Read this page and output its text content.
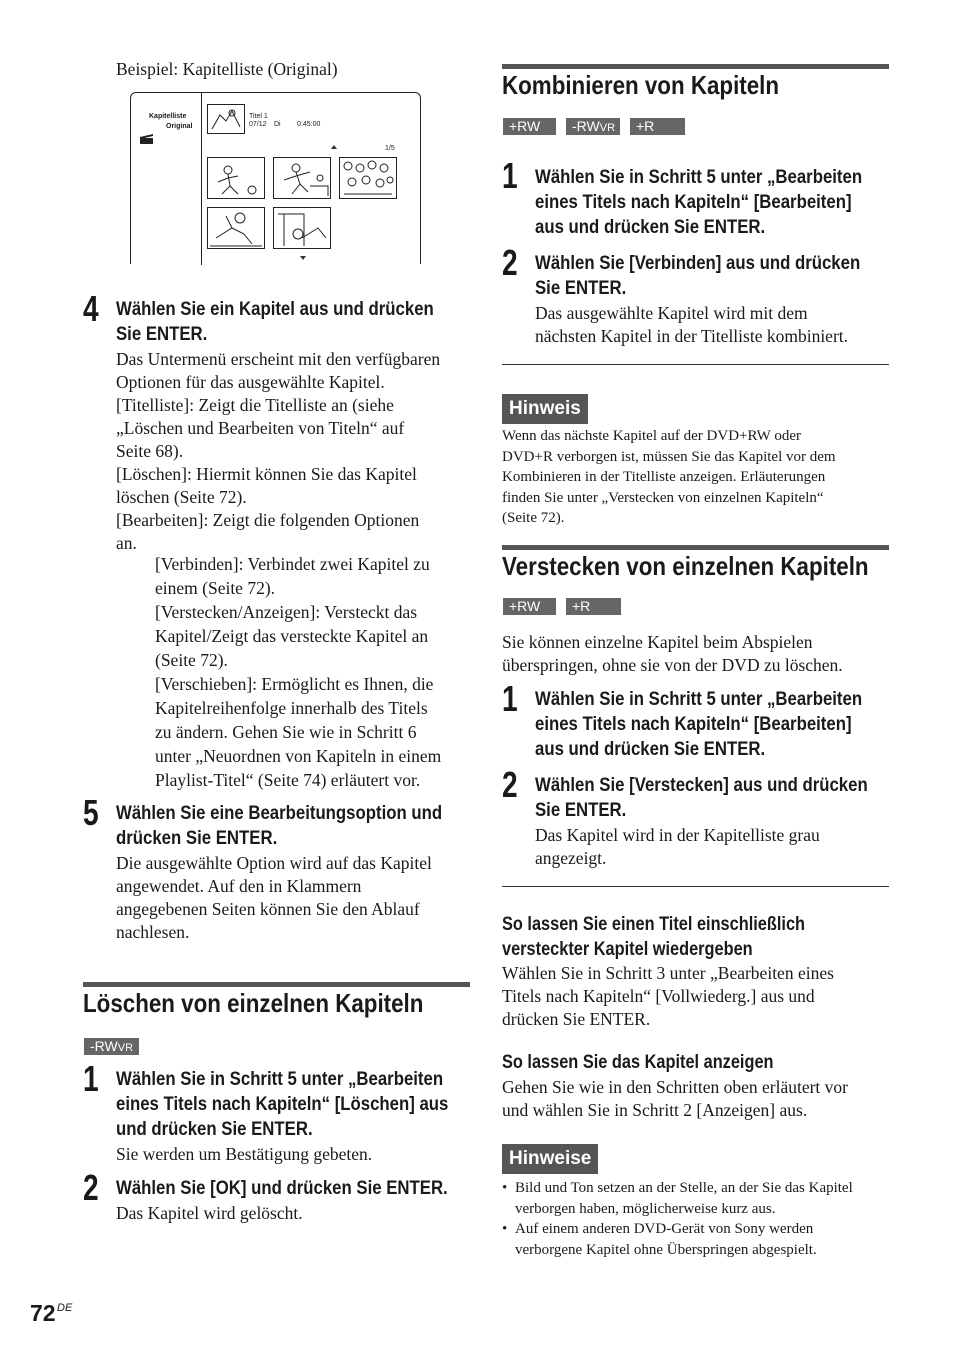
Beispiel: Kapitelliste (Original)
Kapitelliste
Original
Titel 1
07/12 Di 0:45:00
1/5
4 Wählen Sie ein Kapitel aus und drücken
Sie ENTER.
Das Untermenü erscheint mit den verfügbaren
Optionen für das ausgewählte Kapitel.
[Titelliste]: Zeigt die Titelliste an (siehe
„Löschen und Bearbeiten von Titeln“ auf
Seite 68).
[Löschen]: Hiermit können Sie das Kapitel
löschen (Seite 72).
[Bearbeiten]: Zeigt die folgenden Optionen
an.
[Verbinden]: Verbindet zwei Kapitel zu
einem (Seite 72).
[Verstecken/Anzeigen]: Versteckt das
Kapitel/Zeigt das versteckte Kapitel an
(Seite 72).
[Verschieben]: Ermöglicht es Ihnen, die
Kapitelreihenfolge innerhalb des Titels
zu ändern. Gehen Sie wie in Schritt 6
unter „Neuordnen von Kapiteln in einem
Playlist-Titel“ (Seite 74) erläutert vor.
5 Wählen Sie eine Bearbeitungsoption und
drücken Sie ENTER.
Die ausgewählte Option wird auf das Kapitel
angewendet. Auf den in Klammern
angegebenen Seiten können Sie den Ablauf
nachlesen.
Löschen von einzelnen Kapiteln
-RWVR
1 Wählen Sie in Schritt 5 unter „Bearbeiten
eines Titels nach Kapiteln“ [Löschen] aus
und drücken Sie ENTER.
Sie werden um Bestätigung gebeten.
2 Wählen Sie [OK] und drücken Sie ENTER.
Das Kapitel wird gelöscht.
72 DE
Kombinieren von Kapiteln
+RW	-RWVR	+R
1 Wählen Sie in Schritt 5 unter „Bearbeiten
eines Titels nach Kapiteln“ [Bearbeiten]
aus und drücken Sie ENTER.
2 Wählen Sie [Verbinden] aus und drücken
Sie ENTER.
Das ausgewählte Kapitel wird mit dem
nächsten Kapitel in der Titelliste kombiniert.
Hinweis
Wenn das nächste Kapitel auf der DVD+RW oder
DVD+R verborgen ist, müssen Sie das Kapitel vor dem
Kombinieren in der Titelliste anzeigen. Erläuterungen
finden Sie unter „Verstecken von einzelnen Kapiteln“
(Seite 72).
Verstecken von einzelnen Kapiteln
+RW	+R
Sie können einzelne Kapitel beim Abspielen
überspringen, ohne sie von der DVD zu löschen.
1 Wählen Sie in Schritt 5 unter „Bearbeiten
eines Titels nach Kapiteln“ [Bearbeiten]
aus und drücken Sie ENTER.
2 Wählen Sie [Verstecken] aus und drücken
Sie ENTER.
Das Kapitel wird in der Kapitelliste grau
angezeigt.
So lassen Sie einen Titel einschließlich
versteckter Kapitel wiedergeben
Wählen Sie in Schritt 3 unter „Bearbeiten eines
Titels nach Kapiteln“ [Vollwiederg.] aus und
drücken Sie ENTER.
So lassen Sie das Kapitel anzeigen
Gehen Sie wie in den Schritten oben erläutert vor
und wählen Sie in Schritt 2 [Anzeigen] aus.
Hinweise
• Bild und Ton setzen an der Stelle, an der Sie das Kapitel
verborgen haben, möglicherweise kurz aus.
• Auf einem anderen DVD-Gerät von Sony werden
verborgene Kapitel ohne Überspringen abgespielt.
